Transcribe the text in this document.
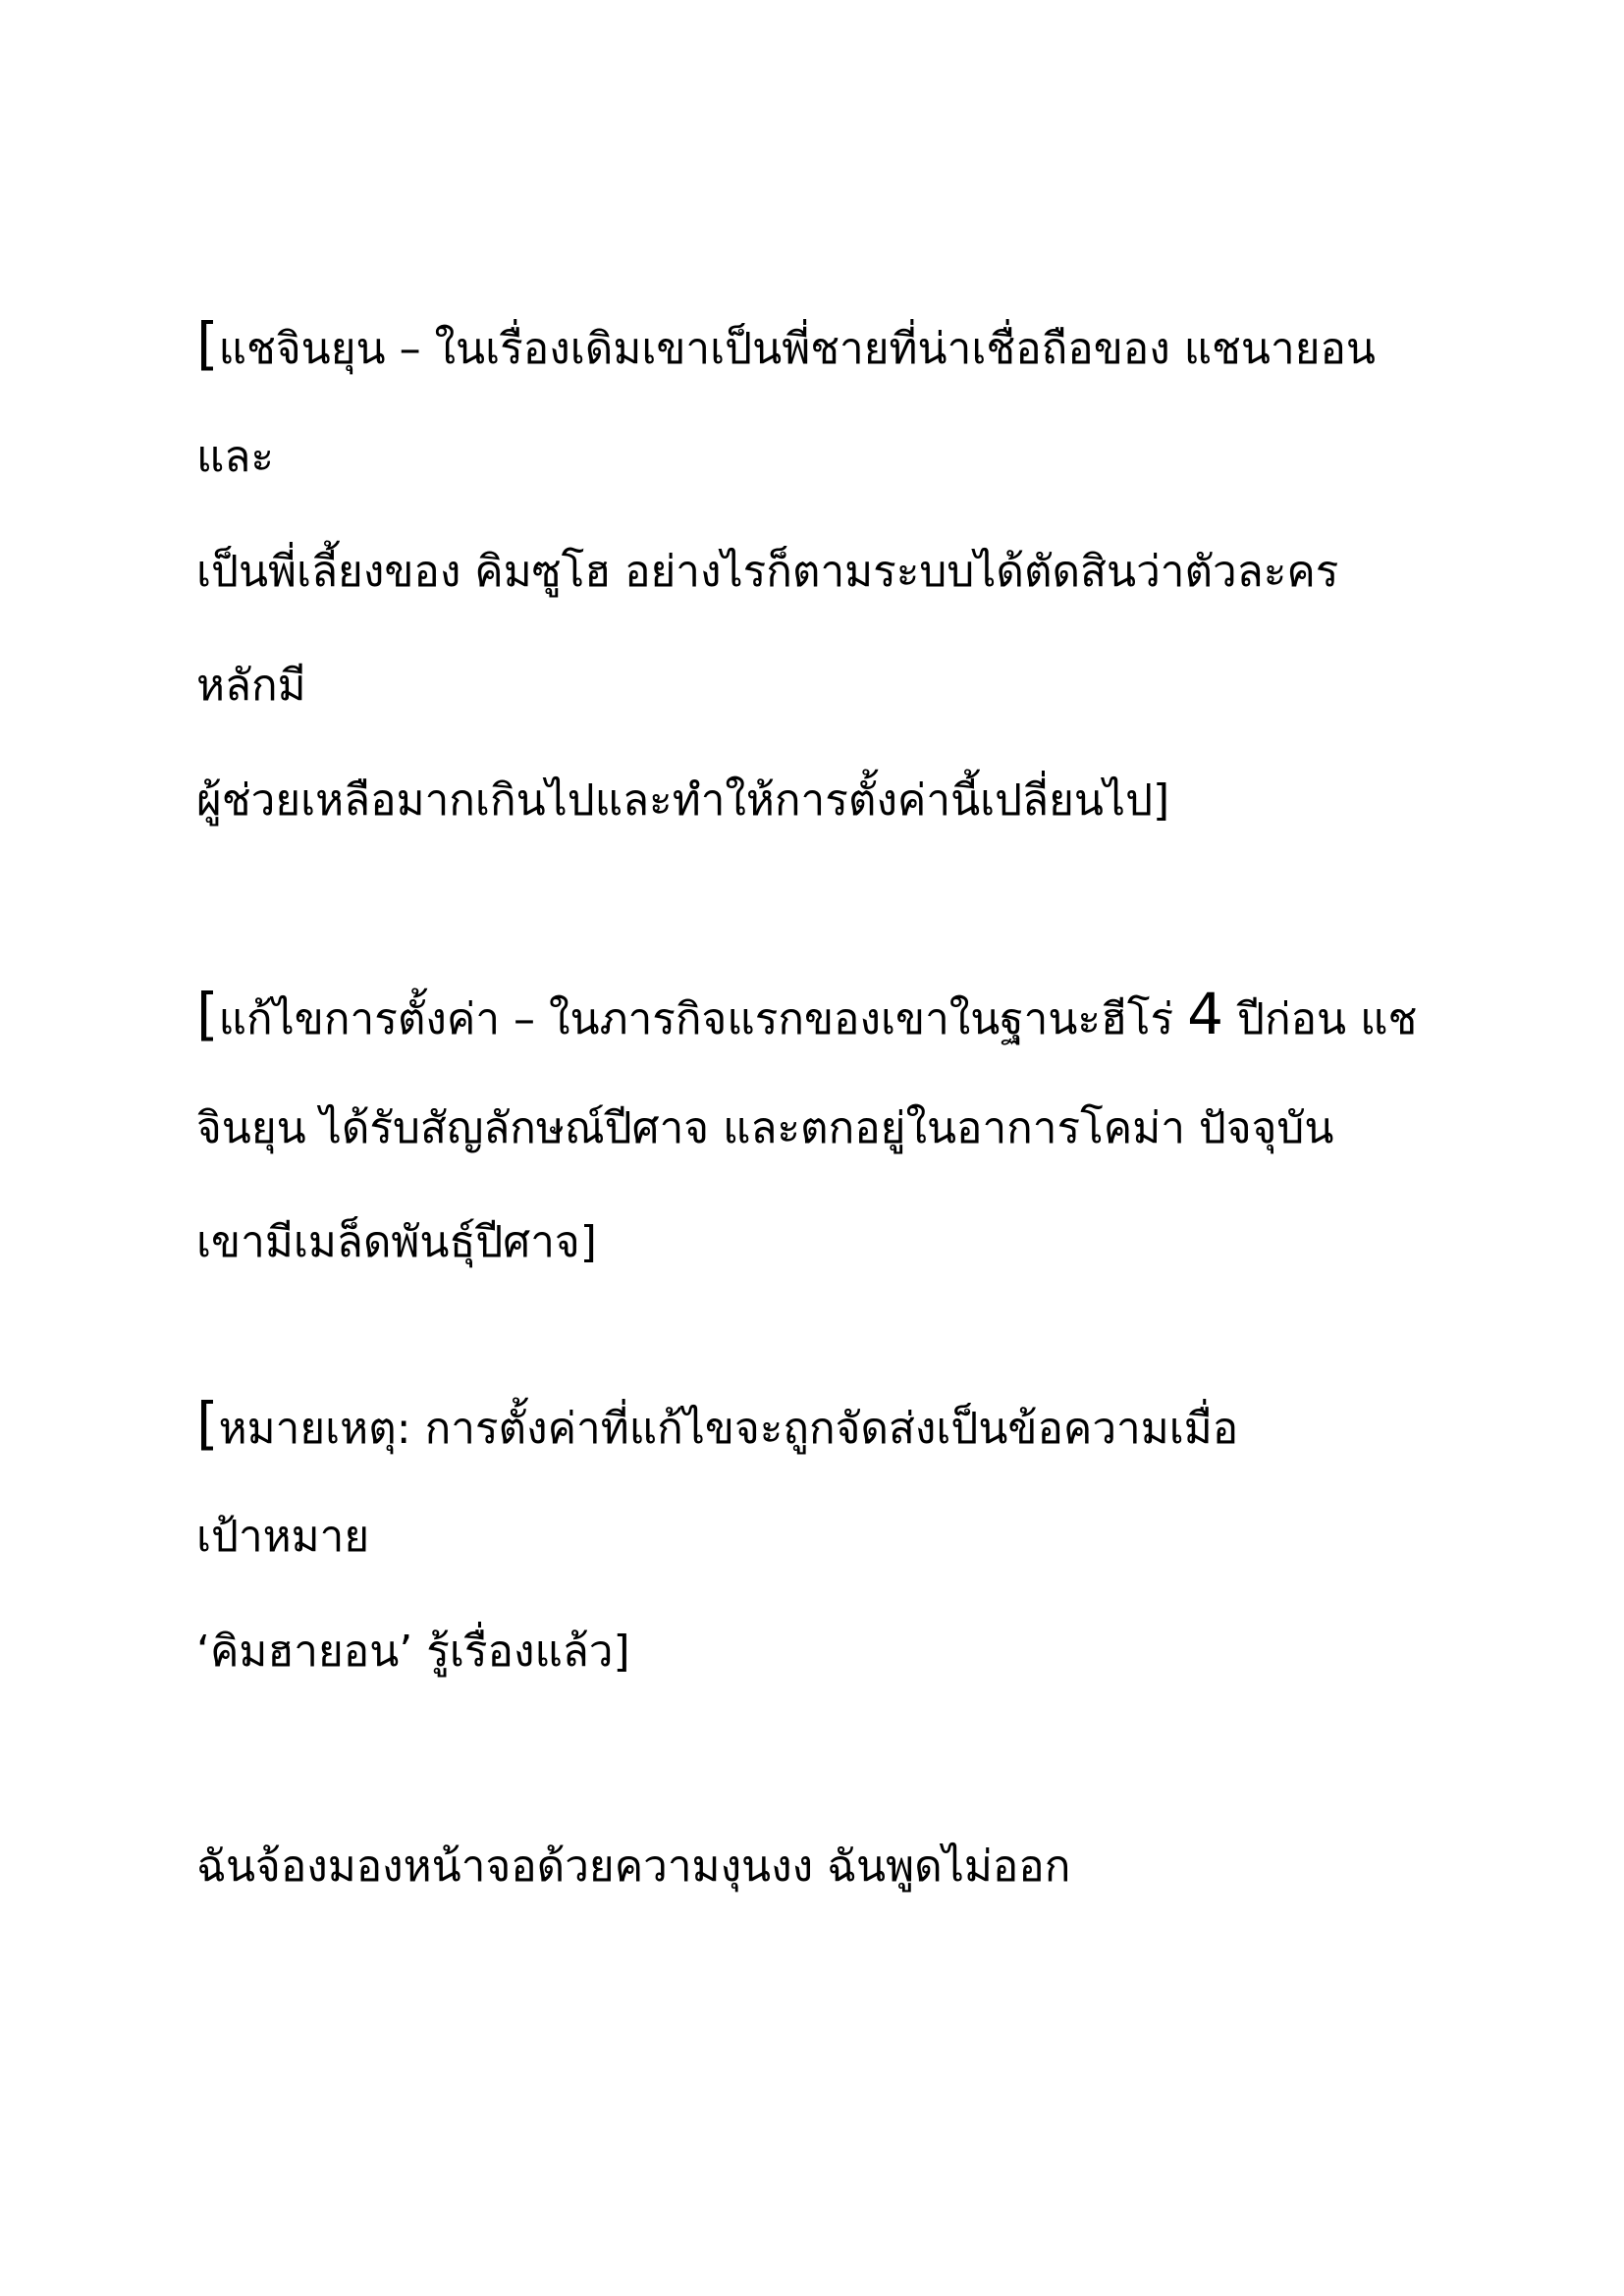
[แชจินยุน – ในเรื่องเดิมเขาเป็นพี่ชายที่น่าเชื่อถือของ แชนายอน

และ

เป็นพี่เลี้ยงของ คิมซูโฮ อย่างไรก็ตามระบบได้ตัดสินว่าตัวละคร

หลักมี

ผู้ช่วยเหลือมากเกินไปและทำให้การตั้งค่านี้เปลี่ยนไป]

[แก้ไขการตั้งค่า – ในภารกิจแรกของเขาในฐานะฮีโร่ 4 ปีก่อน แช

จินยุน ได้รับสัญลักษณ์ปีศาจ และตกอยู่ในอาการโคม่า ปัจจุบัน

เขามีเมล็ดพันธ์ุปีศาจ]

[หมายเหตุ: การตั้งค่าที่แก้ไขจะถูกจัดส่งเป็นข้อความเมื่อ

เป้าหมาย

‘คิมฮายอน’ รู้เรื่องแล้ว]

ฉันจ้องมองหน้าจอด้วยความงุนงง ฉันพูดไม่ออก
